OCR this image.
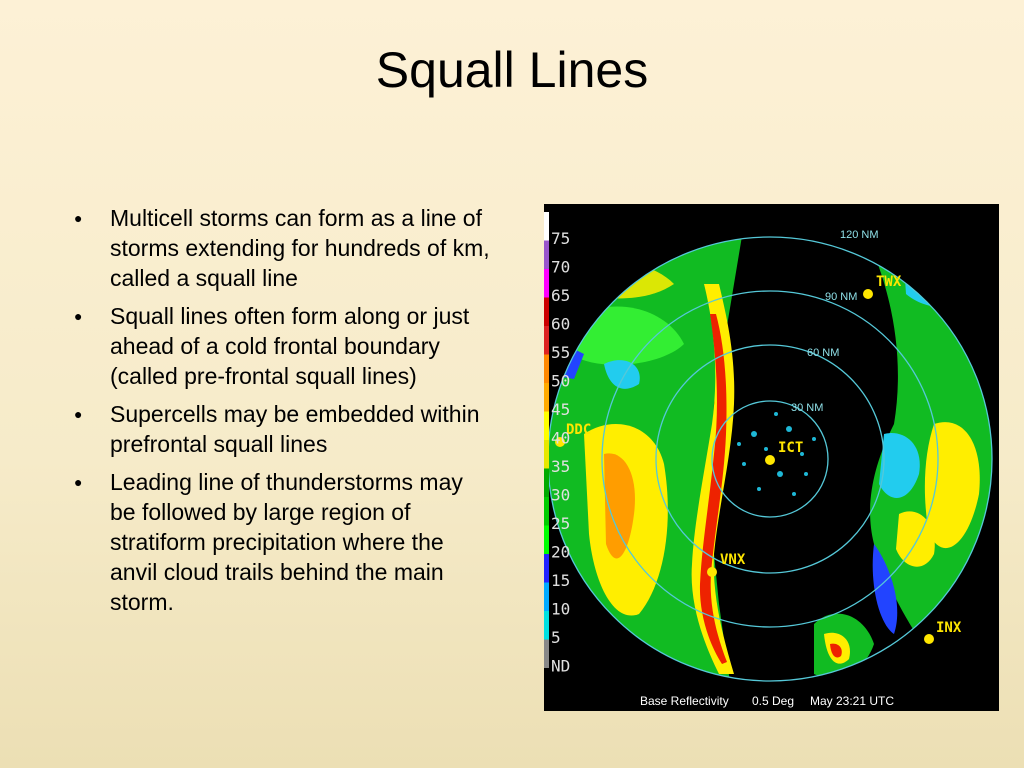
Squall Lines
● Multicell storms can form as a line of storms extending for hundreds of km, called a squall line
● Squall lines often form along or just ahead of a cold frontal boundary (called pre-frontal squall lines)
● Supercells may be embedded within prefrontal squall lines
● Leading line of thunderstorms may be followed by large region of stratiform precipitation where the anvil cloud trails behind the main storm.
120 NM
90 NM
60 NM
30 NM
TWX
DDC
ICT
VNX
INX
75
70
65
60
55
50
45
40
35
30
25
20
15
10
5
ND
Base Reflectivity 0.5 Deg May 23:21 UTC
